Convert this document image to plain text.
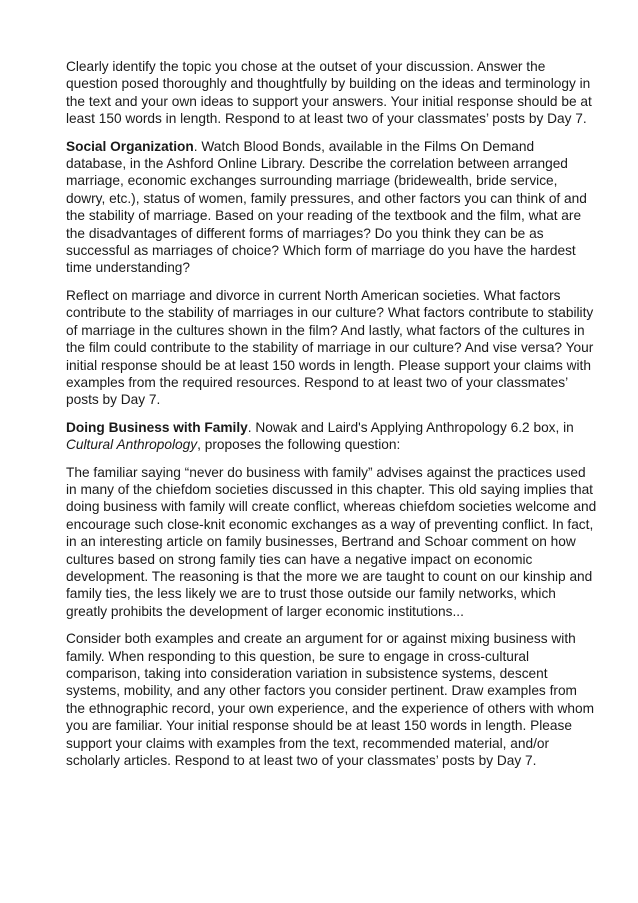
Clearly identify the topic you chose at the outset of your discussion. Answer the question posed thoroughly and thoughtfully by building on the ideas and terminology in the text and your own ideas to support your answers. Your initial response should be at least 150 words in length. Respond to at least two of your classmates’ posts by Day 7.

Social Organization. Watch Blood Bonds, available in the Films On Demand database, in the Ashford Online Library. Describe the correlation between arranged marriage, economic exchanges surrounding marriage (bridewealth, bride service, dowry, etc.), status of women, family pressures, and other factors you can think of and the stability of marriage. Based on your reading of the textbook and the film, what are the disadvantages of different forms of marriages? Do you think they can be as successful as marriages of choice? Which form of marriage do you have the hardest time understanding?

Reflect on marriage and divorce in current North American societies. What factors contribute to the stability of marriages in our culture? What factors contribute to stability of marriage in the cultures shown in the film? And lastly, what factors of the cultures in the film could contribute to the stability of marriage in our culture? And vise versa? Your initial response should be at least 150 words in length. Please support your claims with examples from the required resources. Respond to at least two of your classmates’ posts by Day 7.

Doing Business with Family. Nowak and Laird's Applying Anthropology 6.2 box, in Cultural Anthropology, proposes the following question:

The familiar saying “never do business with family” advises against the practices used in many of the chiefdom societies discussed in this chapter. This old saying implies that doing business with family will create conflict, whereas chiefdom societies welcome and encourage such close-knit economic exchanges as a way of preventing conflict. In fact, in an interesting article on family businesses, Bertrand and Schoar comment on how cultures based on strong family ties can have a negative impact on economic development. The reasoning is that the more we are taught to count on our kinship and family ties, the less likely we are to trust those outside our family networks, which greatly prohibits the development of larger economic institutions...

Consider both examples and create an argument for or against mixing business with family. When responding to this question, be sure to engage in cross-cultural comparison, taking into consideration variation in subsistence systems, descent systems, mobility, and any other factors you consider pertinent. Draw examples from the ethnographic record, your own experience, and the experience of others with whom you are familiar. Your initial response should be at least 150 words in length. Please support your claims with examples from the text, recommended material, and/or scholarly articles. Respond to at least two of your classmates’ posts by Day 7.
